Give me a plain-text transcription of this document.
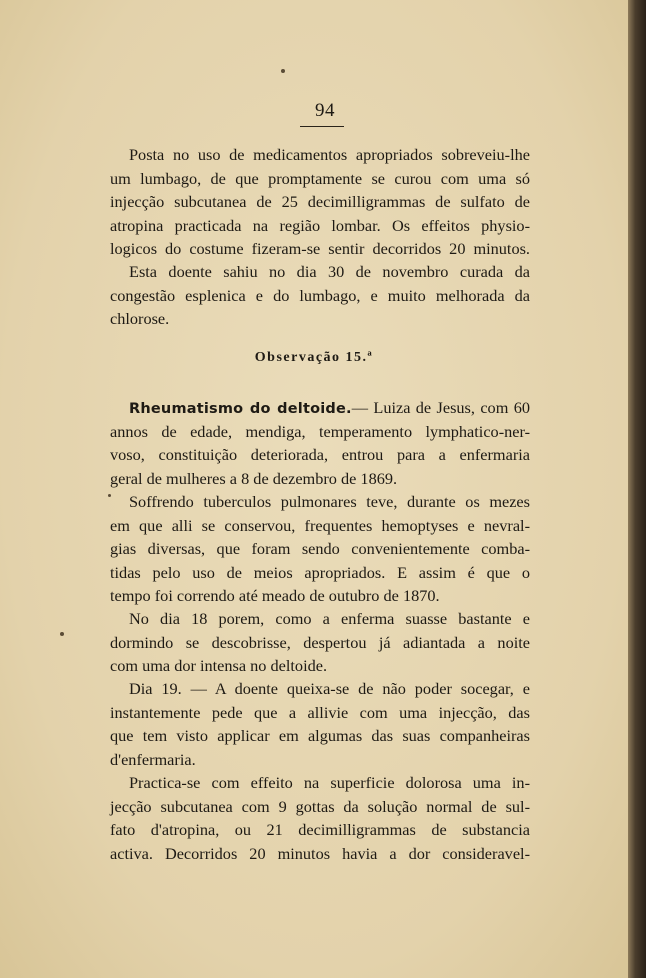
94
Posta no uso de medicamentos apropriados sobreveiu-lhe
um lumbago, de que promptamente se curou com uma só
injecção subcutanea de 25 decimilligrammas de sulfato de
atropina practicada na região lombar. Os effeitos physio-
logicos do costume fizeram-se sentir decorridos 20 minutos.
Esta doente sahiu no dia 30 de novembro curada da
congestão esplenica e do lumbago, e muito melhorada da
chlorose.
Observação 15.ª
Rheumatismo do deltoide.— Luiza de Jesus, com 60
annos de edade, mendiga, temperamento lymphatico-ner-
voso, constituição deteriorada, entrou para a enfermaria
geral de mulheres a 8 de dezembro de 1869.
Soffrendo tuberculos pulmonares teve, durante os mezes
em que alli se conservou, frequentes hemoptyses e nevral-
gias diversas, que foram sendo convenientemente comba-
tidas pelo uso de meios apropriados. E assim é que o
tempo foi correndo até meado de outubro de 1870.
No dia 18 porem, como a enferma suasse bastante e
dormindo se descobrisse, despertou já adiantada a noite
com uma dor intensa no deltoide.
Dia 19. — A doente queixa-se de não poder socegar, e
instantemente pede que a allivie com uma injecção, das
que tem visto applicar em algumas das suas companheiras
d'enfermaria.
Practica-se com effeito na superficie dolorosa uma in-
jecção subcutanea com 9 gottas da solução normal de sul-
fato d'atropina, ou 21 decimilligrammas de substancia
activa. Decorridos 20 minutos havia a dor consideravel-
